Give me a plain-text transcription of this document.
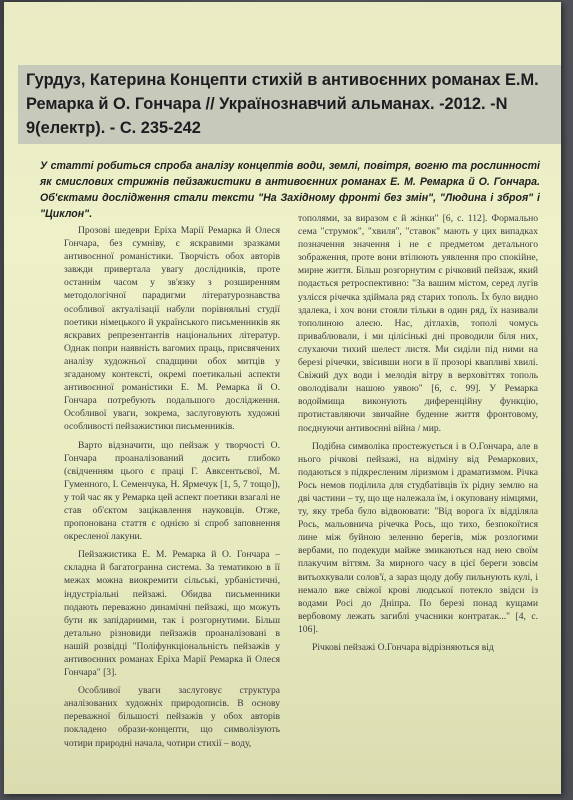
Гурдуз, Катерина Концепти стихій в антивоєнних романах Е.М. Ремарка й О. Гончара // Українознавчий альманах. -2012. -N 9(електр). - С. 235-242
У статті робиться спроба аналізу концептів води, землі, повітря, вогню та рослинності як смислових стрижнів пейзажистики в антивоєнних романах Е. М. Ремарка й О. Гончара. Об'єктами дослідження стали тексти "На Західному фронті без змін", "Людина і зброя" і "Циклон".

Прозові шедеври Еріха Марії Ремарка й Олеся Гончара, без сумніву, є яскравими зразками антивоєнної романістики. Творчість обох авторів завжди привертала увагу дослідників, проте останнім часом у зв'язку з розширенням методологічної парадигми літературознавства особливої актуалізації набули порівняльні студії поетики німецького й українського письменників як яскравих репрезентантів національних літератур. Однак попри наявність вагомих праць, присвячених аналізу художньої спадщини обох митців у згаданому контексті, окремі поетикальні аспекти антивоєнної романістики Е. М. Ремарка й О. Гончара потребують подальшого дослідження. Особливої уваги, зокрема, заслуговують художні особливості пейзажистики письменників.

Варто відзначити, що пейзаж у творчості О. Гончара проаналізований досить глибоко (свідченням цього є праці Г. Авксентьєвої, М. Гуменного, І. Семенчука, Н. Ярмечук [1, 5, 7 тощо]), у той час як у Ремарка цей аспект поетики взагалі не став об'єктом зацікавлення науковців. Отже, пропонована стаття є однією зі спроб заповнення окресленої лакуни.

Пейзажистика Е. М. Ремарка й О. Гончара – складна й багатогранна система. За тематикою в її межах можна виокремити сільські, урбаністичні, індустріальні пейзажі. Обидва письменники подають переважно динамічні пейзажі, що можуть бути як запідарними, так і розгорнутими. Більш детально різновиди пейзажів проаналізовані в нашій розвідці "Поліфункціональність пейзажів у антивоєнних романах Еріха Марії Ремарка й Олеся Гончара" [3].

Особливої уваги заслуговує структура аналізованих художніх природописів. В основу переважної більшості пейзажів у обох авторів покладено образи-концепти, що символізують чотири природні начала, чотири стихії – воду,

тополями, за виразом є й жінки" [6, с. 112]. Формально сема "струмок", "хвиля", "ставок" мають у цих випадках позначення значення і не є предметом детального зображення, проте вони втілюють уявлення про спокійне, мирне життя. Більш розгорнутим є річковий пейзаж, який подається ретроспективно: "За вашим містом, серед лугів узлісся річечка здіймала ряд старих тополь. Їх було видно здалека, і хоч вони стояли тільки в один ряд, їх називали тополиною алеєю. Нас, дітлахів, тополі чомусь приваблювали, і ми цілісінькі дні проводили біля них, слухаючи тихий шелест листя. Ми сиділи під ними на березі річечки, звісивши ноги в її прозорі квапливі хвилі. Свіжий дух води і мелодія вітру в верховіттях тополь оволодівали нашою уявою" [6, с. 99]. У Ремарка водоймища виконують диференційну функцію, протиставляючи звичайне буденне життя фронтовому, поєднуючи антивоєнні війна / мир.

Подібна символіка простежується і в О.Гончара, але в нього річкові пейзажі, на відміну від Ремаркових, подаються з підкресленим ліризмом і драматизмом. Річка Рось немов поділила для студбатівців їх рідну землю на дві частини – ту, що ще належала їм, і окуповану німцями, ту, яку треба було відвоювати: "Від ворога їх відділяла Рось, мальовнича річечка Рось, що тихо, безпокоїтися лине між буйною зеленню берегів, між розлогими вербами, по подекуди майже змикаються над нею своїм плакучим віттям. За мирного часу в цієї береги зовсім витьохкували солов'ї, а зараз щоду добу пильнують кулі, і немало вже свіжої крові людської потекло звідси із водами Росі до Дніпра. По березі понад кущами вербовому лежать загиблі учасники контратак..." [4, с. 106].

Річкові пейзажі О.Гончара відрізняються від
